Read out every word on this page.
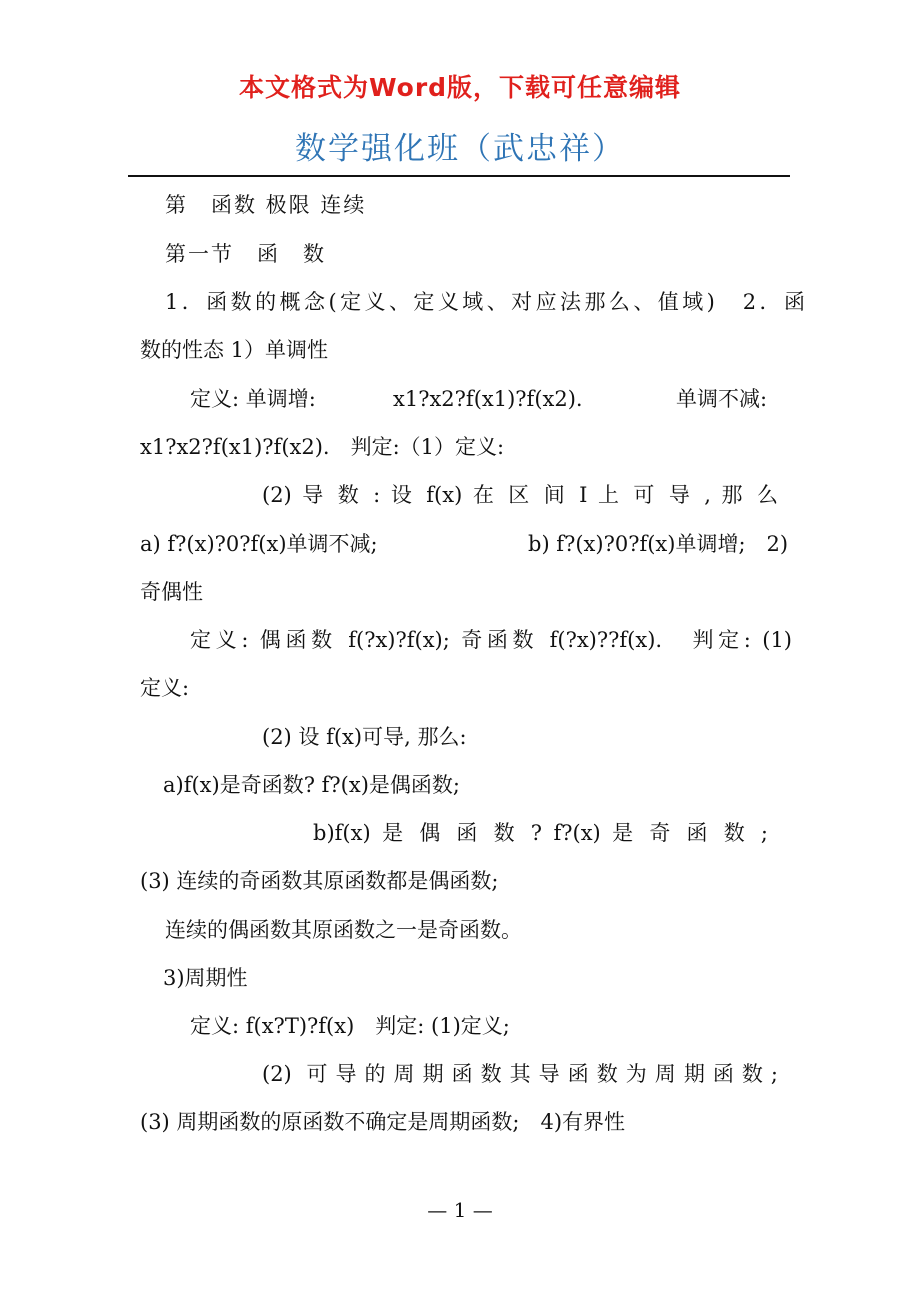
本文格式为Word版，下载可任意编辑
数学强化班（武忠祥）
第　函数 极限 连续
第一节　函　数
1．函数的概念(定义、定义域、对应法那么、值域)　2．函
数的性态 1）单调性
定义: 单调增:	x1?x2?f(x1)?f(x2).	单调不减:
x1?x2?f(x1)?f(x2).　判定:（1）定义:
(2) 导 数 : 设 f(x) 在 区 间 I 上 可 导 , 那 么
a) f?(x)?0?f(x)单调不减;	b) f?(x)?0?f(x)单调增;　2)
奇偶性
定义: 偶函数 f(?x)?f(x); 奇函数 f(?x)??f(x).　判定: (1)
定义:
(2) 设 f(x)可导, 那么:
a)f(x)是奇函数? f?(x)是偶函数;
b)f(x) 是 偶 函 数 ? f?(x) 是 奇 函 数 ;
(3) 连续的奇函数其原函数都是偶函数;
连续的偶函数其原函数之一是奇函数。
3)周期性
定义: f(x?T)?f(x)　判定: (1)定义;
(2) 可导的周期函数其导函数为周期函数;
(3) 周期函数的原函数不确定是周期函数;　4)有界性
— 1 —
